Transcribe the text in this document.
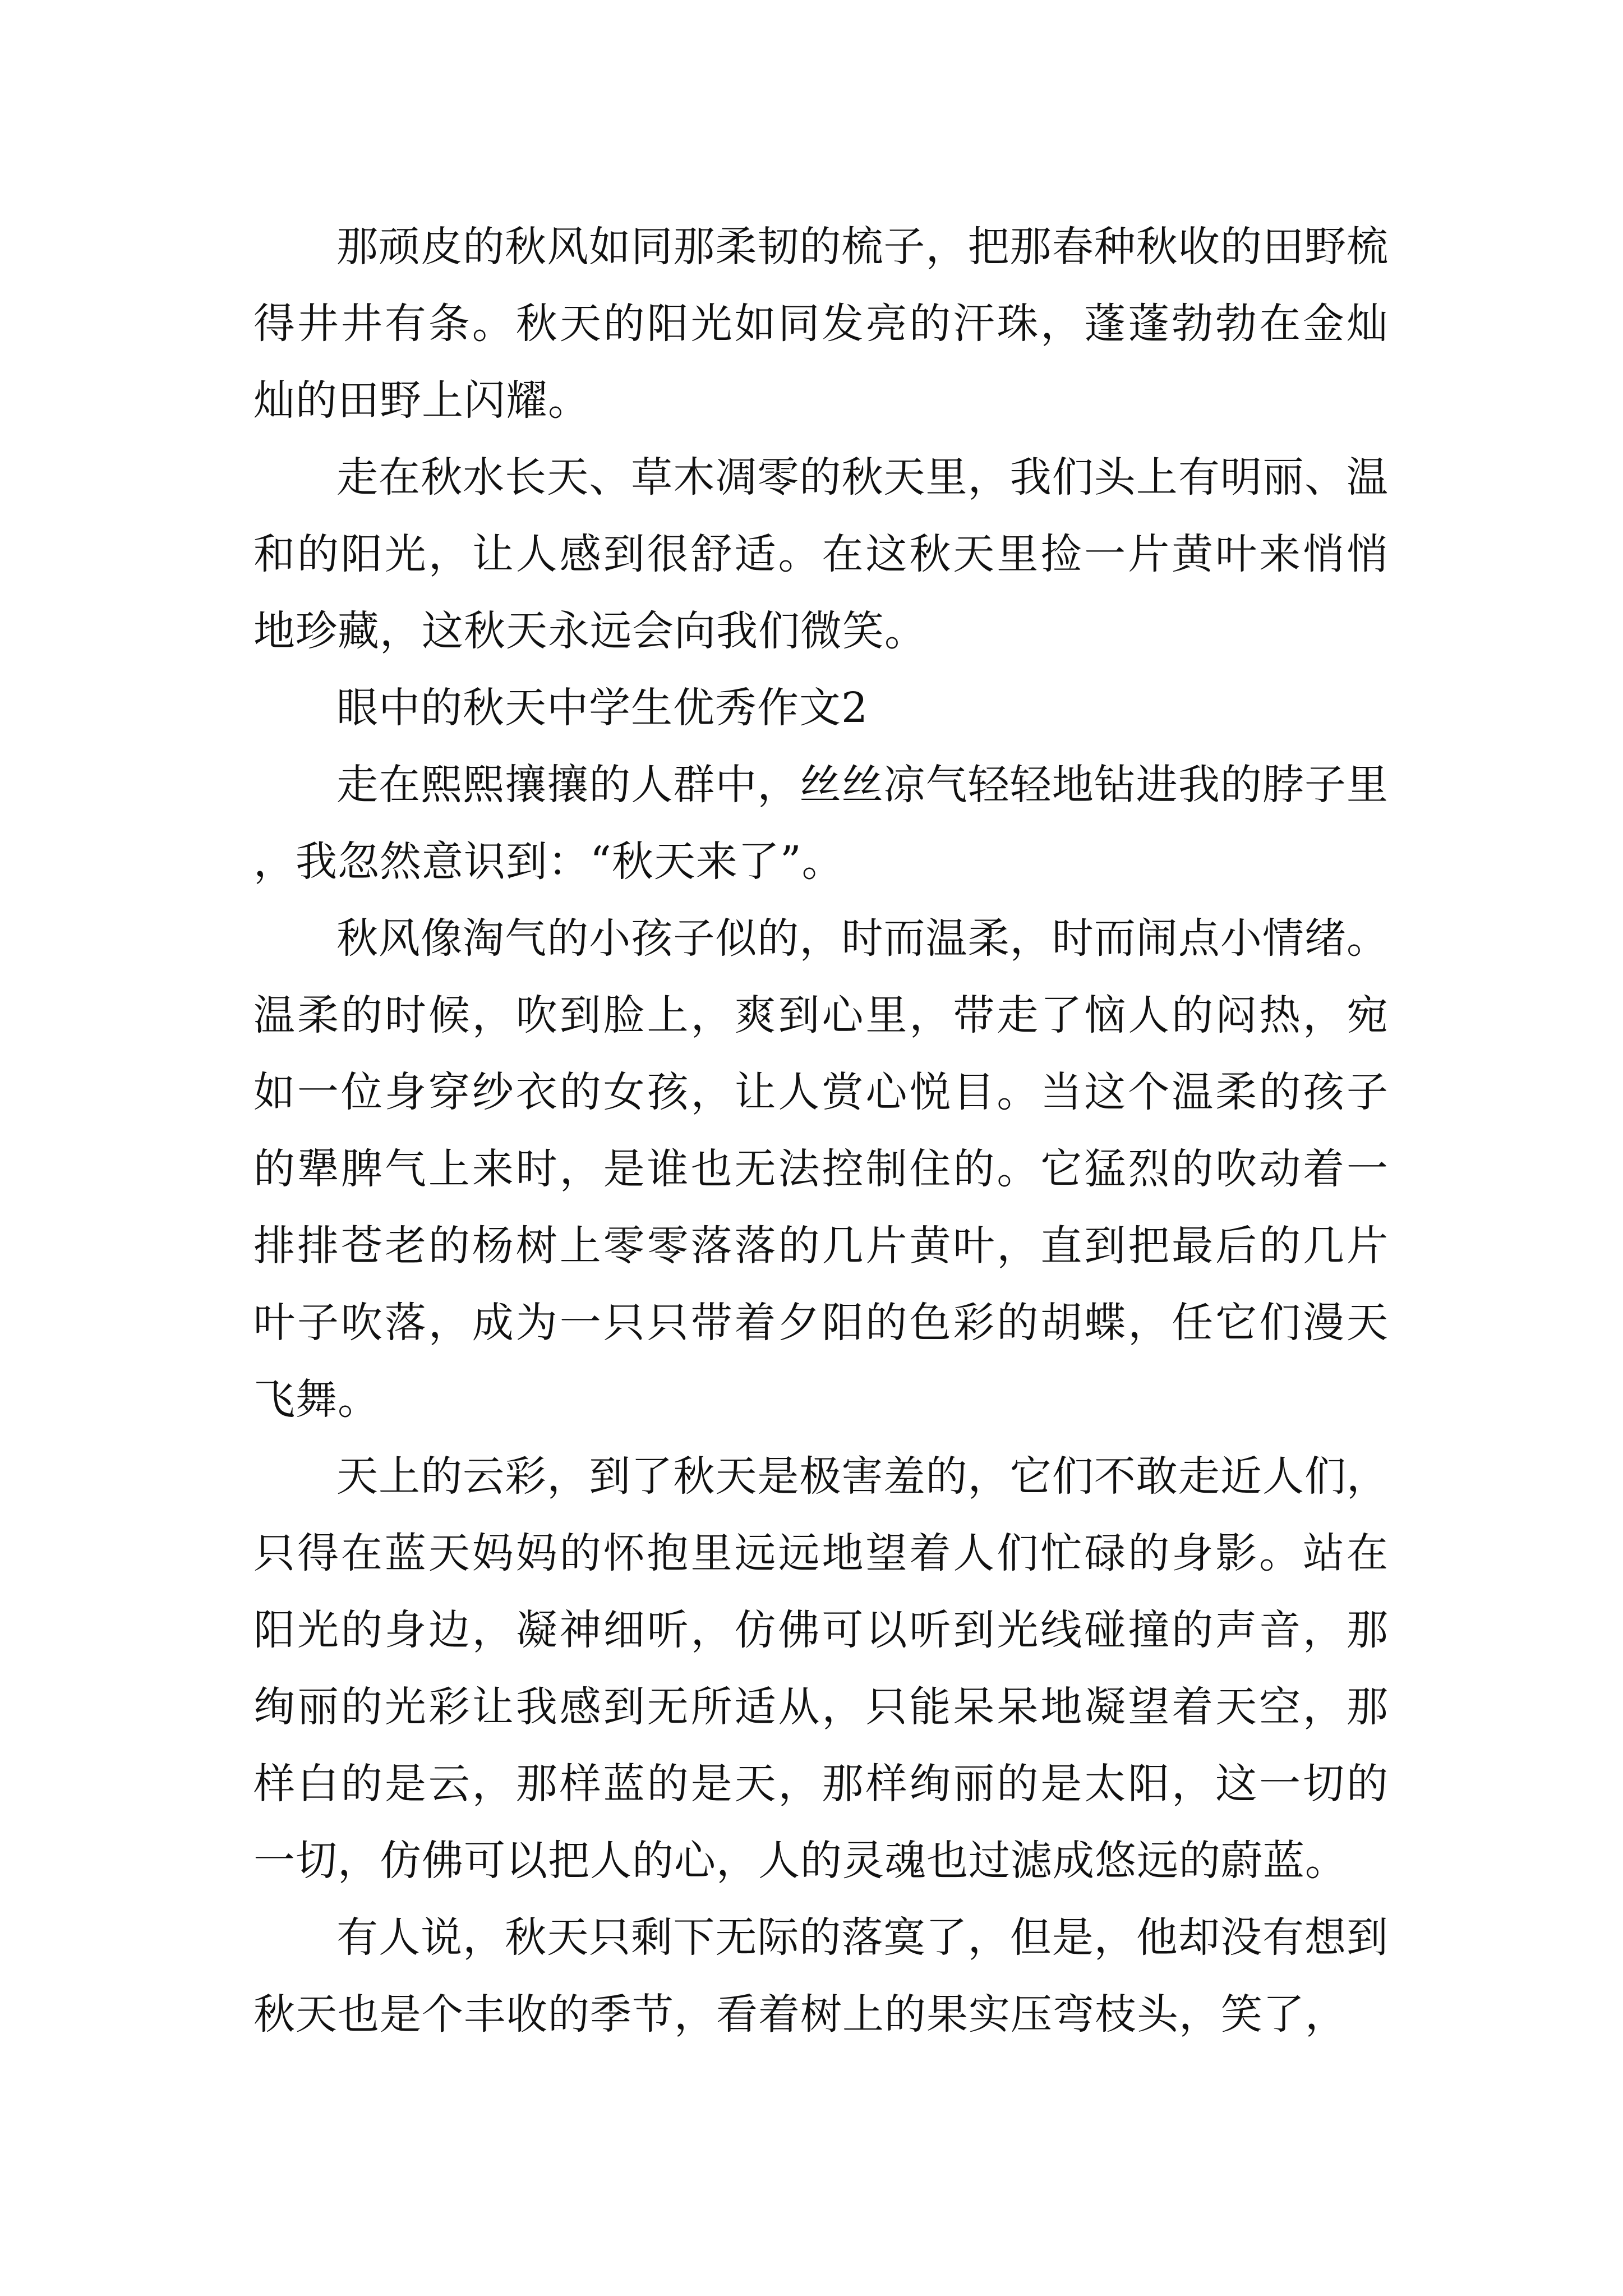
那顽皮的秋风如同那柔韧的梳子，把那春种秋收的田野梳得井井有条。秋天的阳光如同发亮的汗珠，蓬蓬勃勃在金灿灿的田野上闪耀。

走在秋水长天、草木凋零的秋天里，我们头上有明丽、温和的阳光，让人感到很舒适。在这秋天里捡一片黄叶来悄悄地珍藏，这秋天永远会向我们微笑。

眼中的秋天中学生优秀作文2

走在熙熙攘攘的人群中，丝丝凉气轻轻地钻进我的脖子里，我忽然意识到：“秋天来了”。

秋风像淘气的小孩子似的，时而温柔，时而闹点小情绪。温柔的时候，吹到脸上，爽到心里，带走了恼人的闷热，宛如一位身穿纱衣的女孩，让人赏心悦目。当这个温柔的孩子的犟脾气上来时，是谁也无法控制住的。它猛烈的吹动着一排排苍老的杨树上零零落落的几片黄叶，直到把最后的几片叶子吹落，成为一只只带着夕阳的色彩的胡蝶，任它们漫天飞舞。

天上的云彩，到了秋天是极害羞的，它们不敢走近人们，只得在蓝天妈妈的怀抱里远远地望着人们忙碌的身影。站在阳光的身边，凝神细听，仿佛可以听到光线碰撞的声音，那绚丽的光彩让我感到无所适从，只能呆呆地凝望着天空，那样白的是云，那样蓝的是天，那样绚丽的是太阳，这一切的一切，仿佛可以把人的心，人的灵魂也过滤成悠远的蔚蓝。

有人说，秋天只剩下无际的落寞了，但是，他却没有想到秋天也是个丰收的季节，看着树上的果实压弯枝头，笑了，
